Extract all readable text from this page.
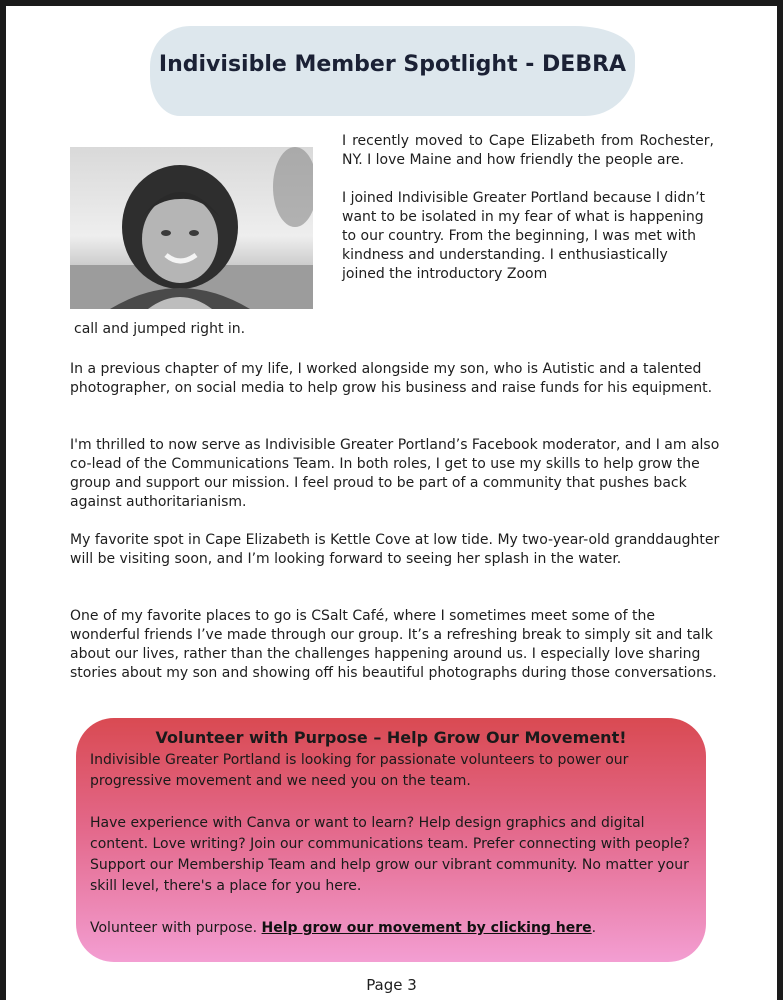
Indivisible Member Spotlight - DEBRA

I recently moved to Cape Elizabeth from Rochester, NY. I love Maine and how friendly the people are.

I joined Indivisible Greater Portland because I didn’t want to be isolated in my fear of what is happening to our country. From the beginning, I was met with kindness and understanding. I enthusiastically joined the introductory Zoom

call and jumped right in.

In a previous chapter of my life, I worked alongside my son, who is Autistic and a talented photographer, on social media to help grow his business and raise funds for his equipment.

I'm thrilled to now serve as Indivisible Greater Portland’s Facebook moderator, and I am also co-lead of the Communications Team. In both roles, I get to use my skills to help grow the group and support our mission. I feel proud to be part of a community that pushes back against authoritarianism.

My favorite spot in Cape Elizabeth is Kettle Cove at low tide. My two-year-old granddaughter will be visiting soon, and I’m looking forward to seeing her splash in the water.

One of my favorite places to go is CSalt Café, where I sometimes meet some of the wonderful friends I’ve made through our group. It’s a refreshing break to simply sit and talk about our lives, rather than the challenges happening around us. I especially love sharing stories about my son and showing off his beautiful photographs during those conversations.

Volunteer with Purpose – Help Grow Our Movement!

Indivisible Greater Portland is looking for passionate volunteers to power our progressive movement and we need you on the team.

Have experience with Canva or want to learn? Help design graphics and digital content. Love writing? Join our communications team. Prefer connecting with people? Support our Membership Team and help grow our vibrant community. No matter your skill level, there's a place for you here.

Volunteer with purpose. Help grow our movement by clicking here.

Page 3
